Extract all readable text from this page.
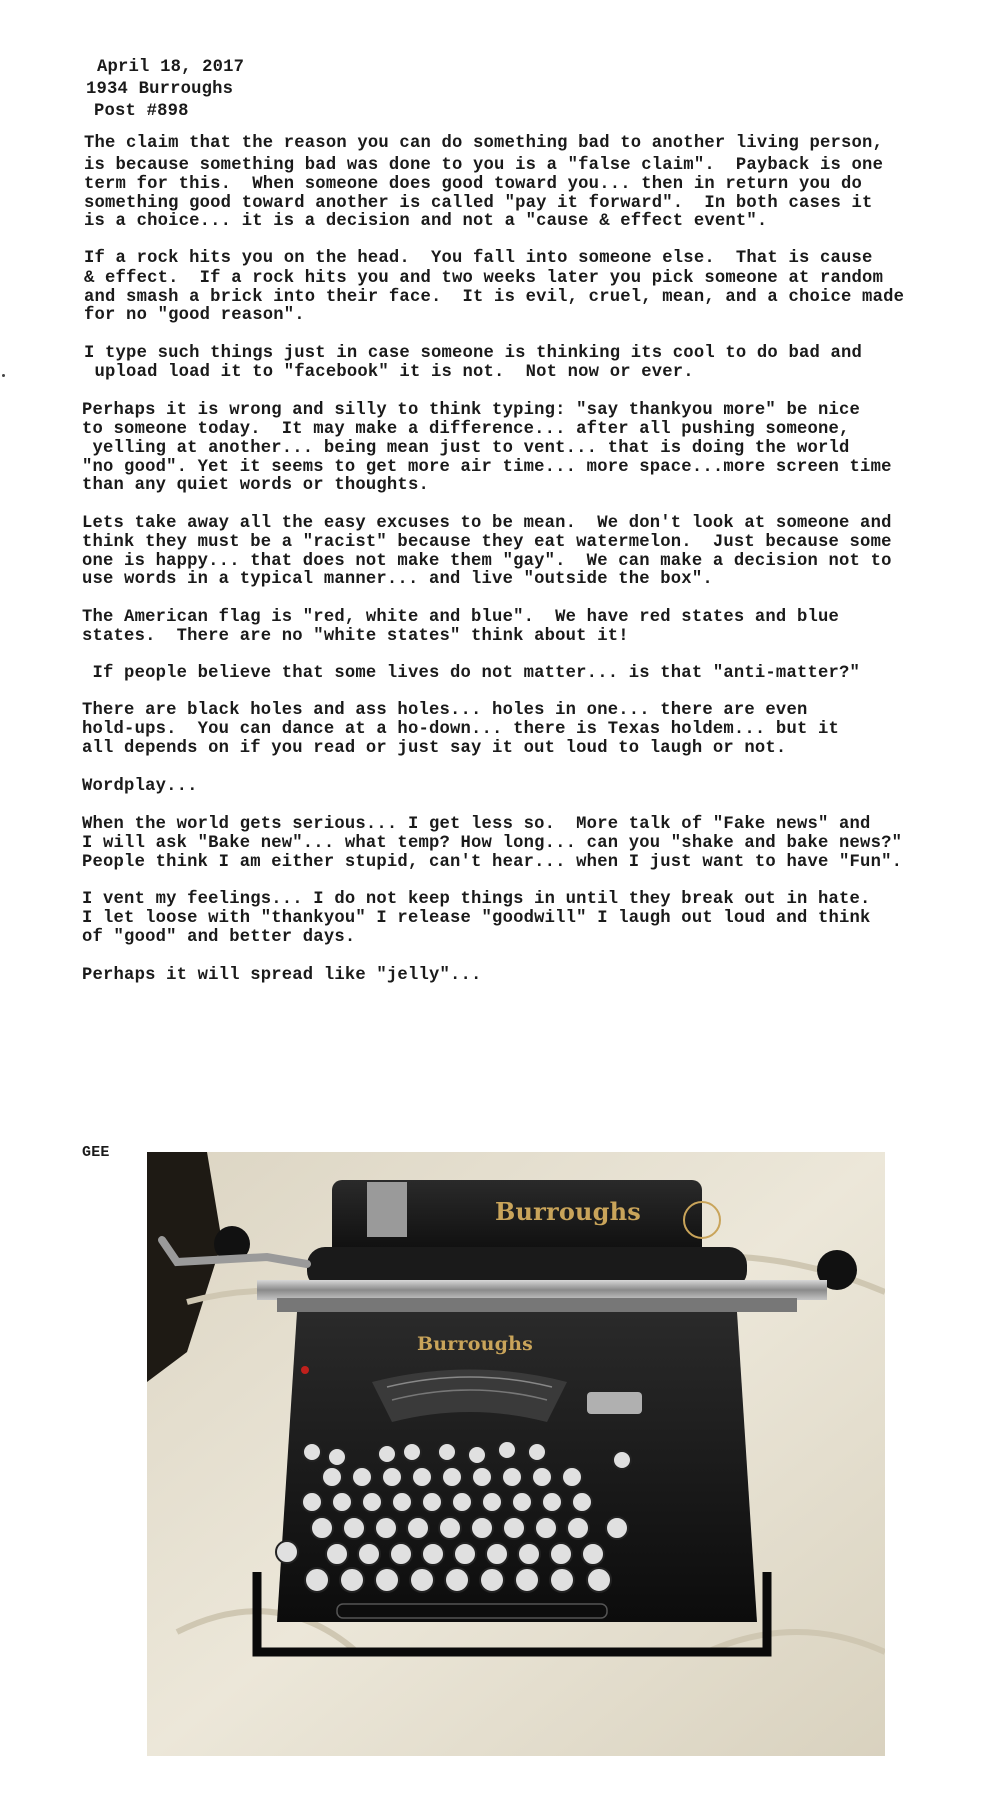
April 18, 2017
1934 Burroughs
Post #898
The claim that the reason you can do something bad to another living person,
is because something bad was done to you is a "false claim".  Payback is one
term for this.  When someone does good toward you... then in return you do
something good toward another is called "pay it forward".  In both cases it
is a choice... it is a decision and not a "cause & effect event".
If a rock hits you on the head.  You fall into someone else.  That is cause
& effect.  If a rock hits you and two weeks later you pick someone at random
and smash a brick into their face.  It is evil, cruel, mean, and a choice made
for no "good reason".
I type such things just in case someone is thinking its cool to do bad and
upload load it to "facebook" it is not.  Not now or ever.
Perhaps it is wrong and silly to think typing: "say thankyou more" be nice
to someone today.  It may make a difference... after all pushing someone,
yelling at another... being mean just to vent... that is doing the world
"no good". Yet it seems to get more air time... more space...more screen time
than any quiet words or thoughts.
Lets take away all the easy excuses to be mean.  We don't look at someone and
think they must be a "racist" because they eat watermelon.  Just because some
one is happy... that does not make them "gay".  We can make a decision not to
use words in a typical manner... and live "outside the box".
The American flag is "red, white and blue".  We have red states and blue
states.  There are no "white states" think about it!
If people believe that some lives do not matter... is that "anti-matter?"
There are black holes and ass holes... holes in one... there are even
hold-ups.  You can dance at a ho-down... there is Texas holdem... but it
all depends on if you read or just say it out loud to laugh or not.
Wordplay...
When the world gets serious... I get less so.  More talk of "Fake news" and
I will ask "Bake new"... what temp? How long... can you "shake and bake news?"
People think I am either stupid, can't hear... when I just want to have "Fun".
I vent my feelings... I do not keep things in until they break out in hate.
I let loose with "thankyou" I release "goodwill" I laugh out loud and think
of "good" and better days.
Perhaps it will spread like "jelly"...
GEE
Burroughs
Burroughs
